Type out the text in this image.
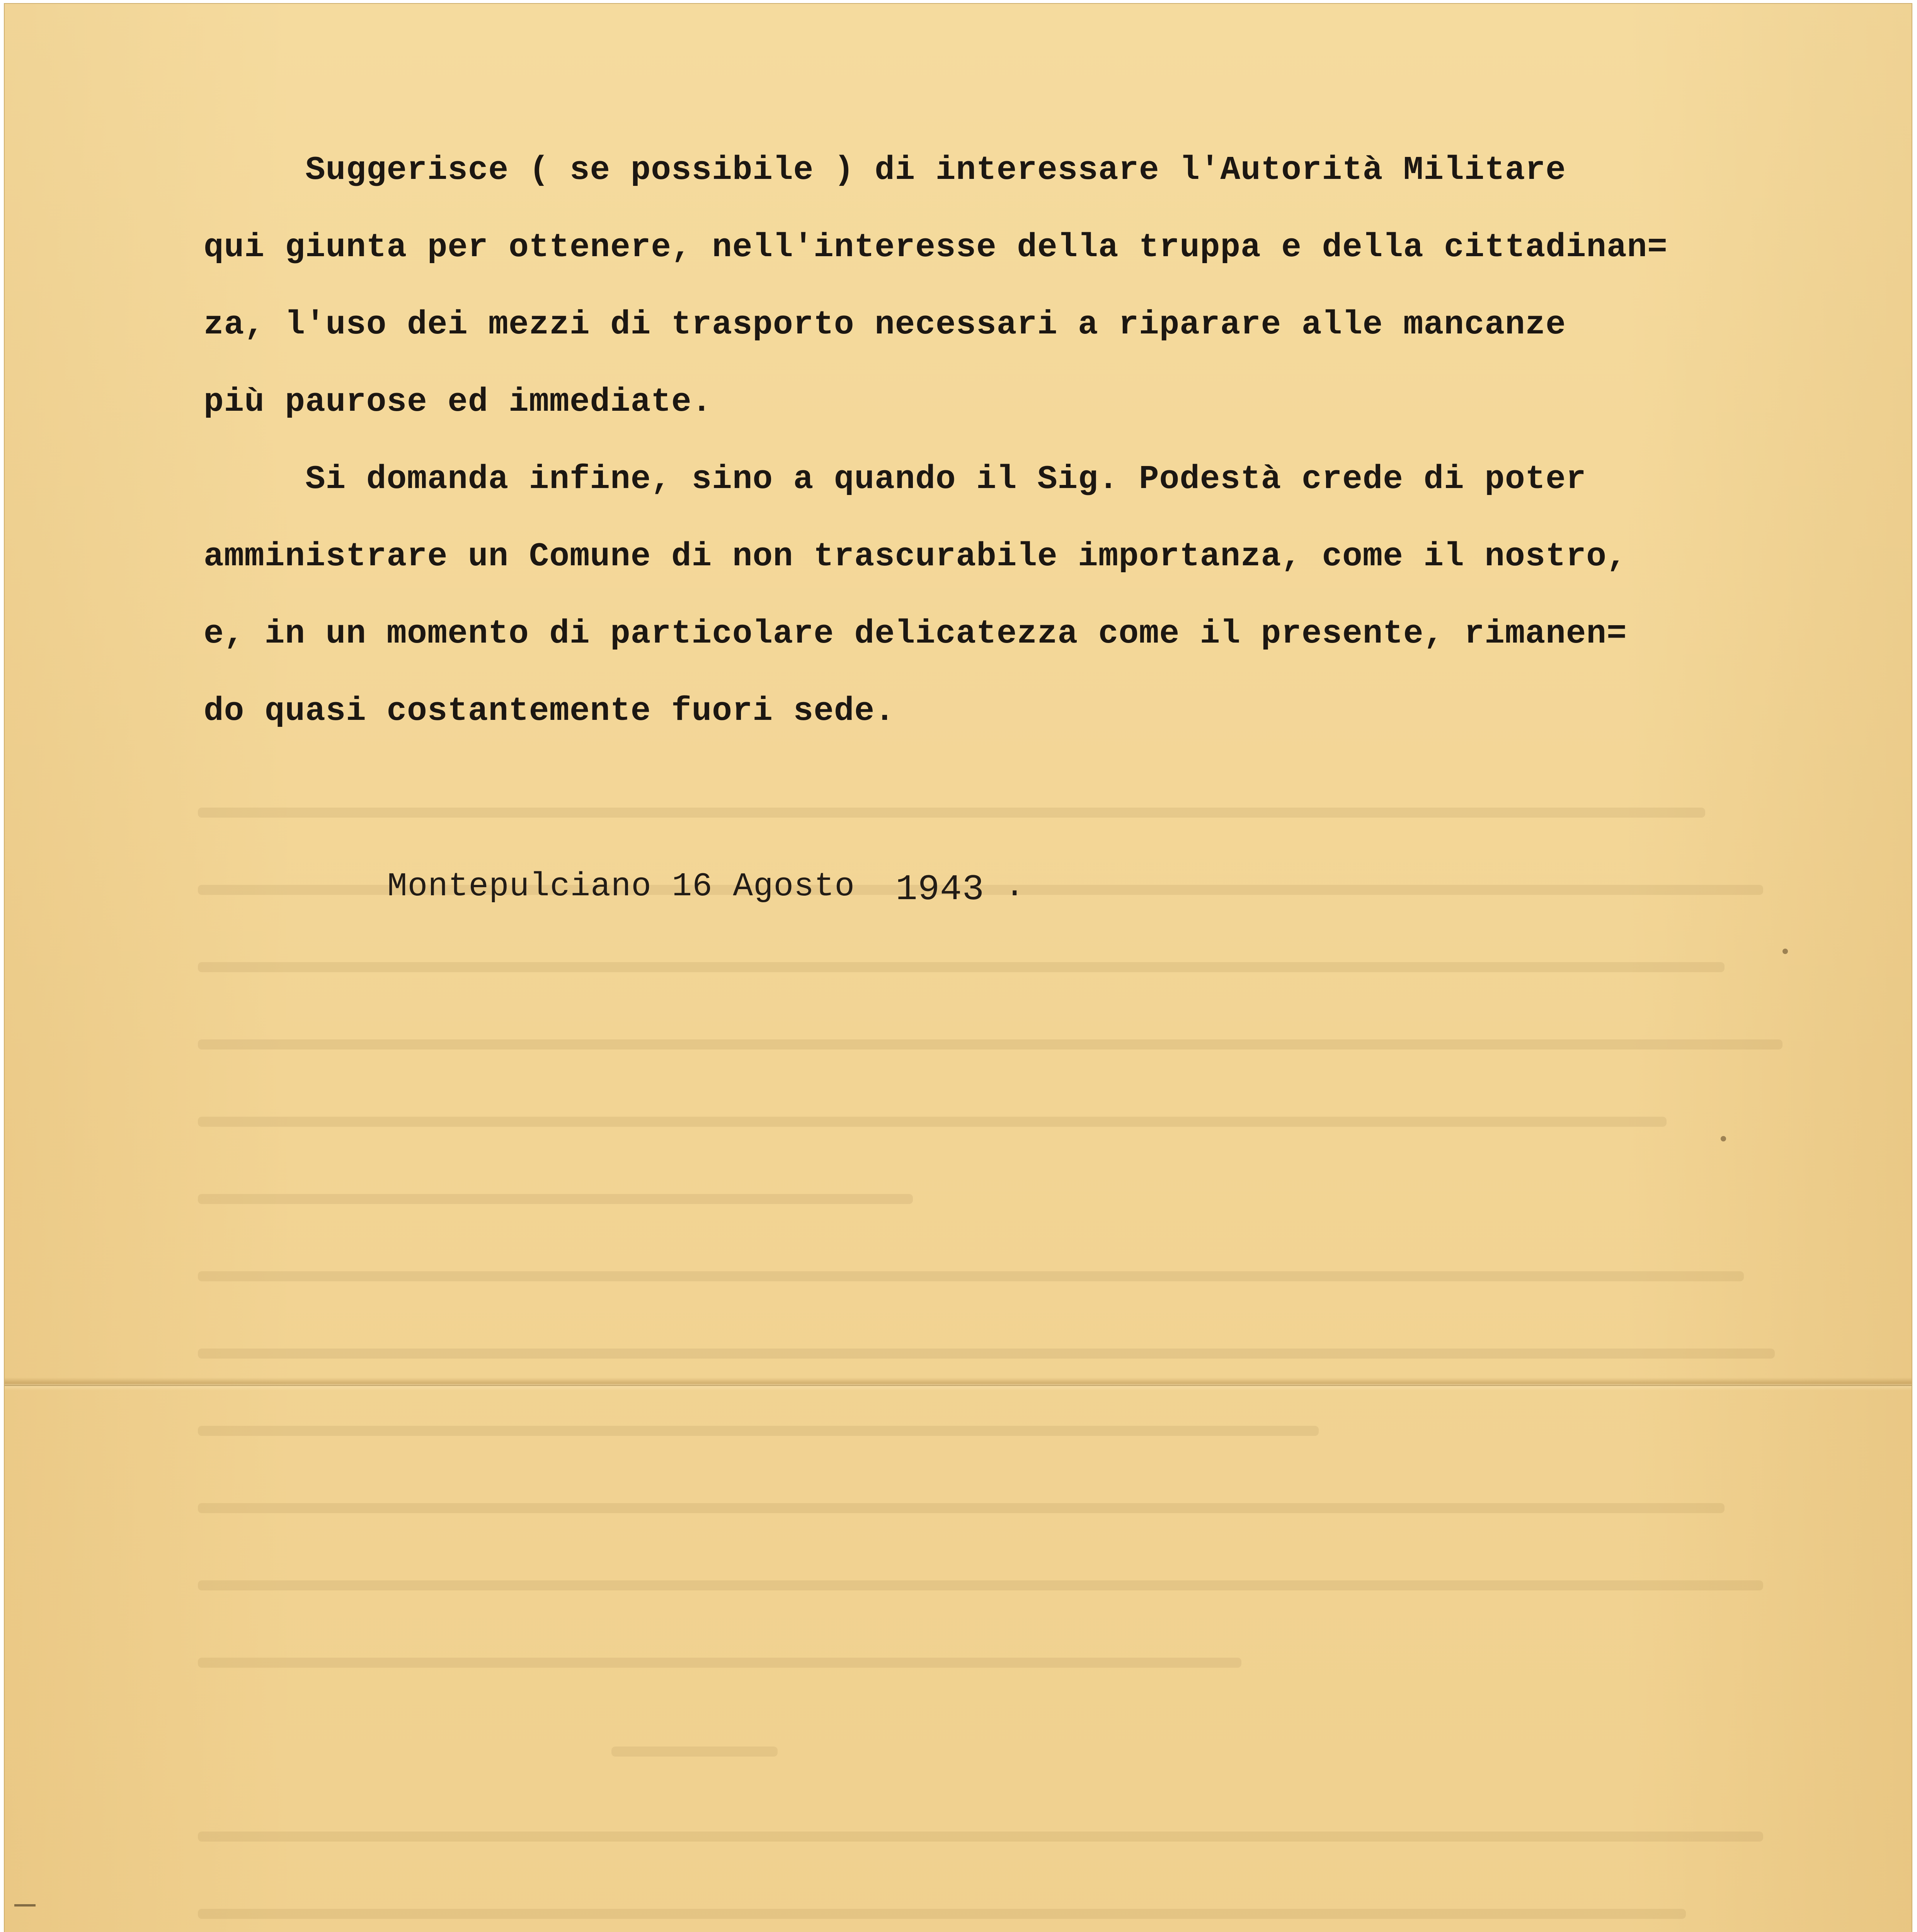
Suggerisce ( se possibile ) di interessare l'Autorità Militare
qui giunta per ottenere, nell'interesse della truppa e della cittadinan=
za, l'uso dei mezzi di trasporto necessari a riparare alle mancanze
più paurose ed immediate.
Si domanda infine, sino a quando il Sig. Podestà crede di poter
amministrare un Comune di non trascurabile importanza, come il nostro,
e, in un momento di particolare delicatezza come il presente, rimanen=
do quasi costantemente fuori sede.
Montepulciano 16 Agosto 1943 .
